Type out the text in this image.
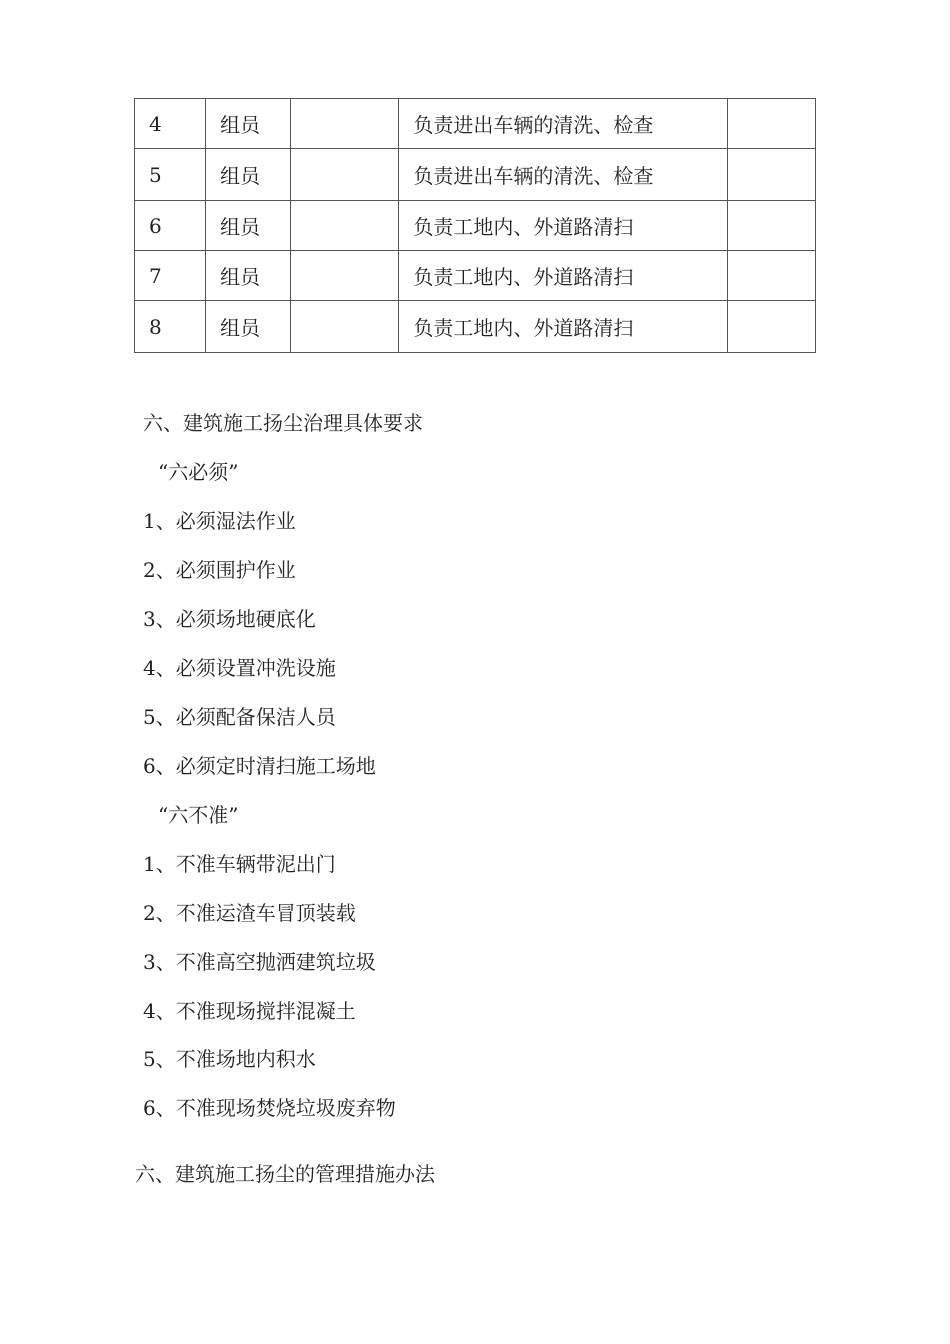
4	组员		负责进出车辆的清洗、检查	
5	组员		负责进出车辆的清洗、检查	
6	组员		负责工地内、外道路清扫	
7	组员		负责工地内、外道路清扫	
8	组员		负责工地内、外道路清扫	
六、建筑施工扬尘治理具体要求
“六必须”
1、必须湿法作业
2、必须围护作业
3、必须场地硬底化
4、必须设置冲洗设施
5、必须配备保洁人员
6、必须定时清扫施工场地
“六不准”
1、不准车辆带泥出门
2、不准运渣车冒顶装载
3、不准高空抛洒建筑垃圾
4、不准现场搅拌混凝土
5、不准场地内积水
6、不准现场焚烧垃圾废弃物
六、建筑施工扬尘的管理措施办法
